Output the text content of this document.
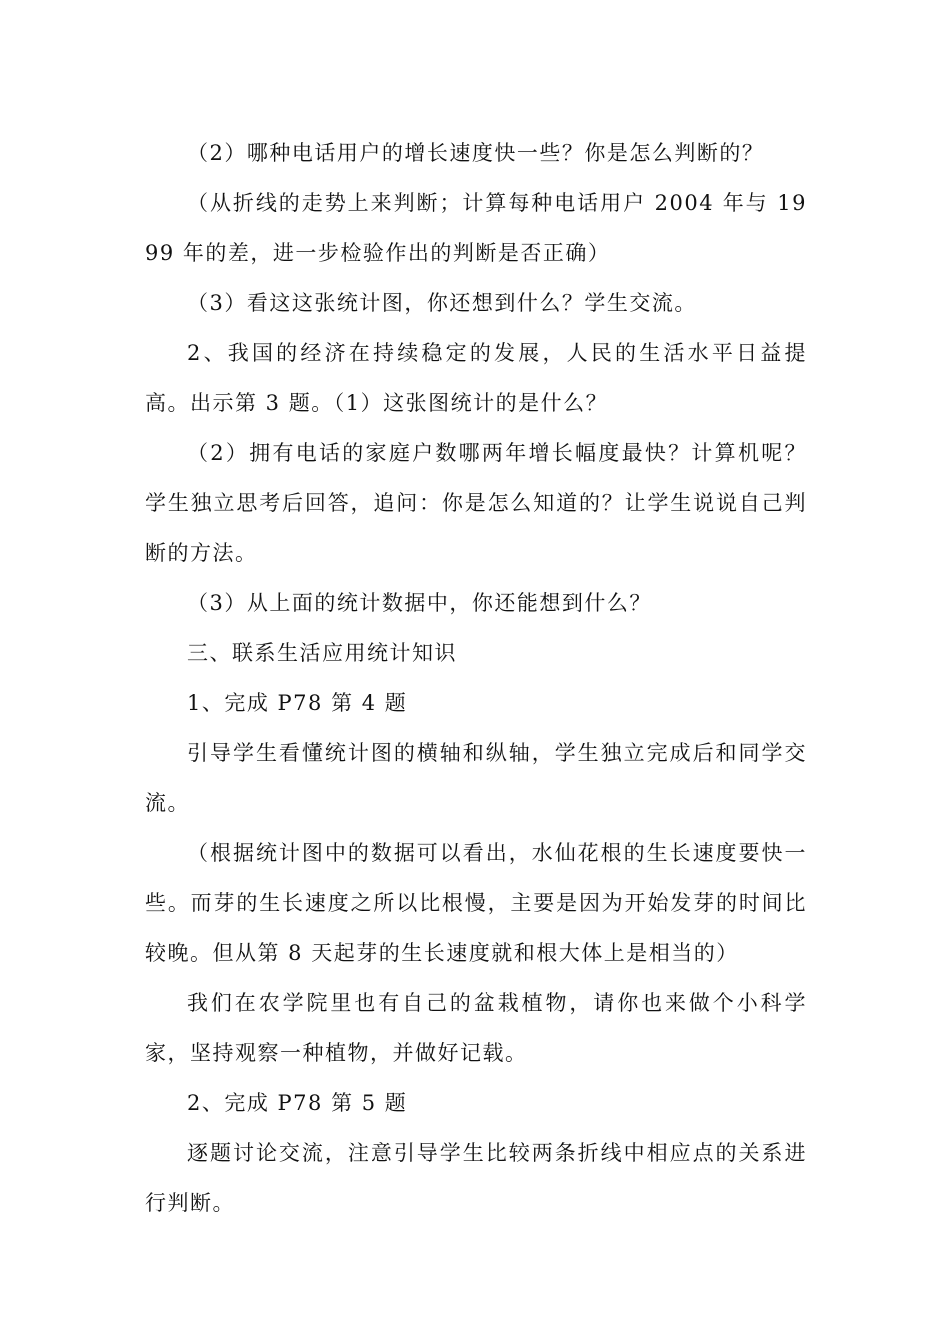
（2）哪种电话用户的增长速度快一些？你是怎么判断的？

（从折线的走势上来判断；计算每种电话用户 2004 年与 1999 年的差，进一步检验作出的判断是否正确）

（3）看这这张统计图，你还想到什么？学生交流。

2、我国的经济在持续稳定的发展，人民的生活水平日益提高。出示第 3 题。（1）这张图统计的是什么？

（2）拥有电话的家庭户数哪两年增长幅度最快？计算机呢？学生独立思考后回答，追问：你是怎么知道的？让学生说说自己判断的方法。

（3）从上面的统计数据中，你还能想到什么？

三、联系生活应用统计知识

1、完成 P78 第 4 题

引导学生看懂统计图的横轴和纵轴，学生独立完成后和同学交流。

（根据统计图中的数据可以看出，水仙花根的生长速度要快一些。而芽的生长速度之所以比根慢，主要是因为开始发芽的时间比较晚。但从第 8 天起芽的生长速度就和根大体上是相当的）

我们在农学院里也有自己的盆栽植物，请你也来做个小科学家，坚持观察一种植物，并做好记载。

2、完成 P78 第 5 题

逐题讨论交流，注意引导学生比较两条折线中相应点的关系进行判断。
